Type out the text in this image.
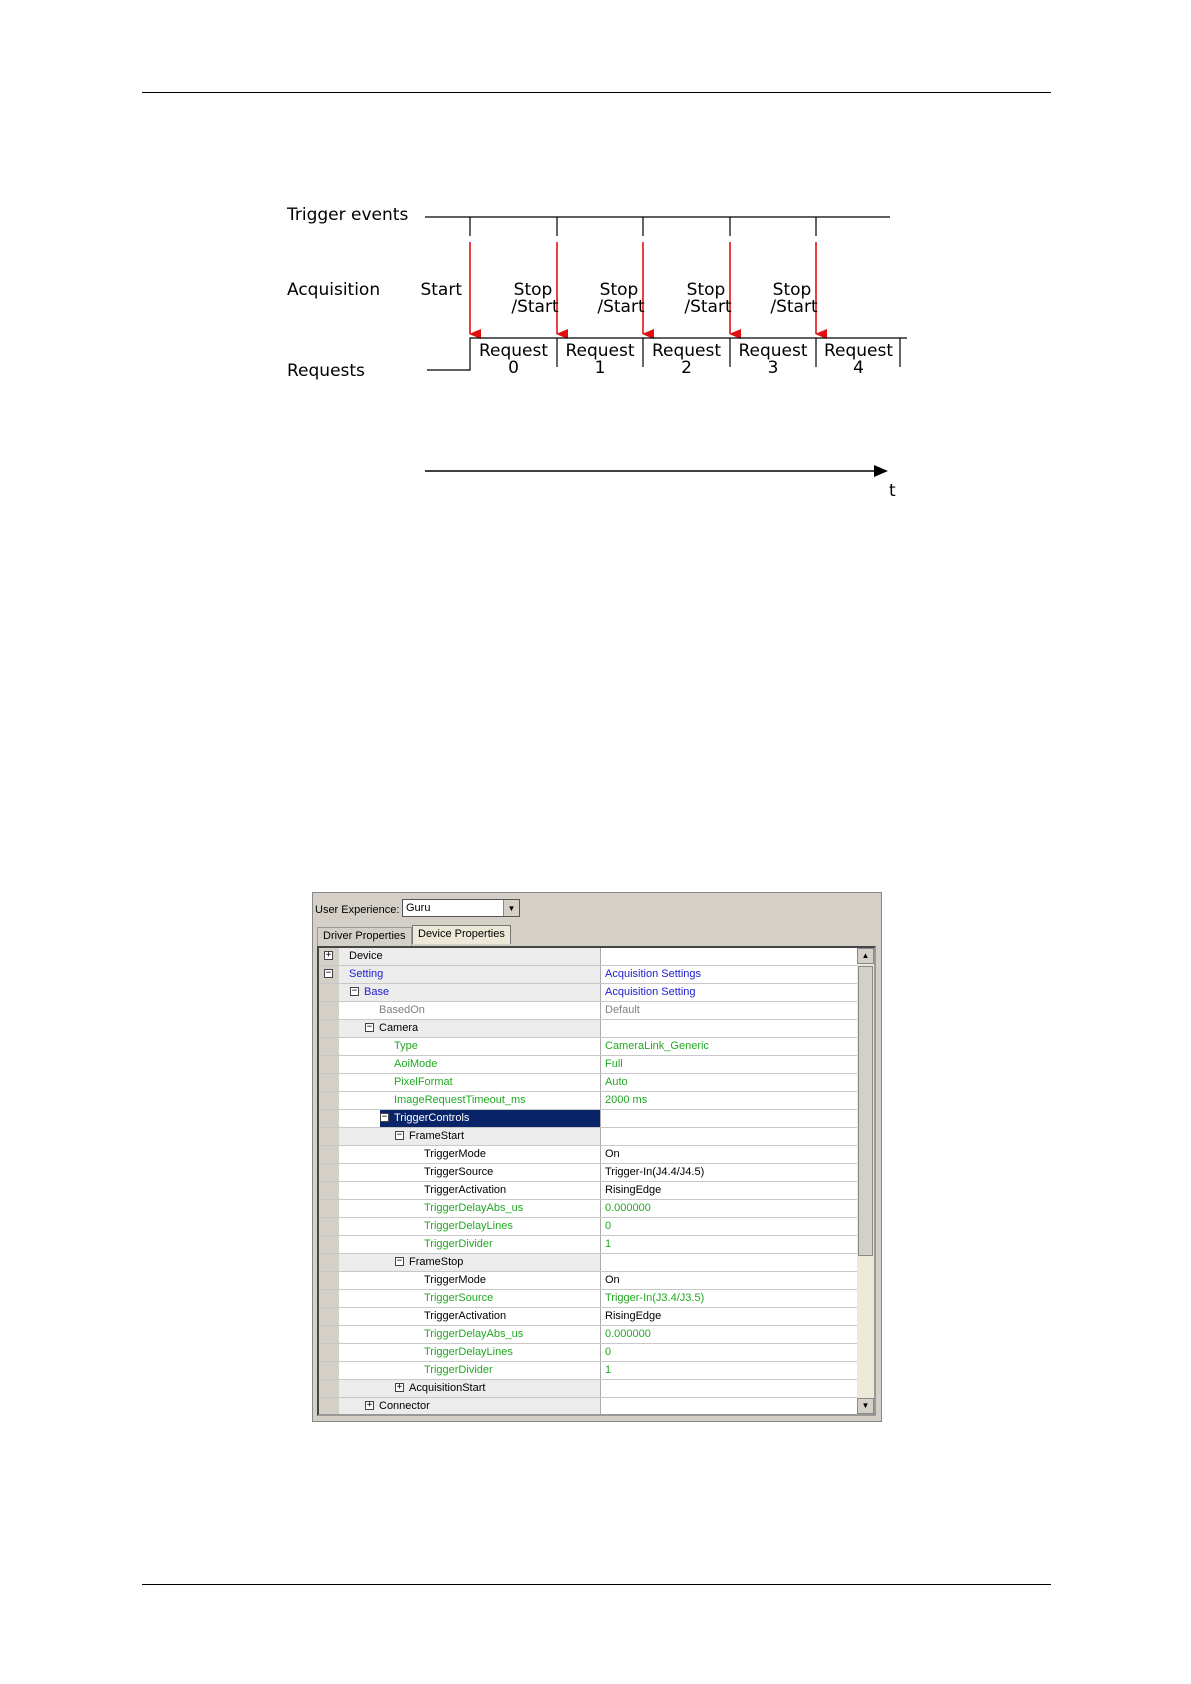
Trigger events
Acquisition
Requests
Start	Stop
/Start
Stop
/Start
Stop
/Start
Stop
/Start
Request
0
Request
1
Request
2
Request
3
Request
4
t
User Experience: Guru	▼
Driver Properties	Device Properties
+ Device
− Setting	Acquisition Settings
− Base	Acquisition Setting
BasedOn	Default
− Camera
Type	CameraLink_Generic
AoiMode	Full
PixelFormat	Auto
ImageRequestTimeout_ms	2000 ms
− TriggerControls
− FrameStart
TriggerMode	On
TriggerSource	Trigger-In(J4.4/J4.5)
TriggerActivation	RisingEdge
TriggerDelayAbs_us	0.000000
TriggerDelayLines	0
TriggerDivider	1
− FrameStop
TriggerMode	On
TriggerSource	Trigger-In(J3.4/J3.5)
TriggerActivation	RisingEdge
TriggerDelayAbs_us	0.000000
TriggerDelayLines	0
TriggerDivider	1
+ AcquisitionStart
+ Connector
▲
▼
